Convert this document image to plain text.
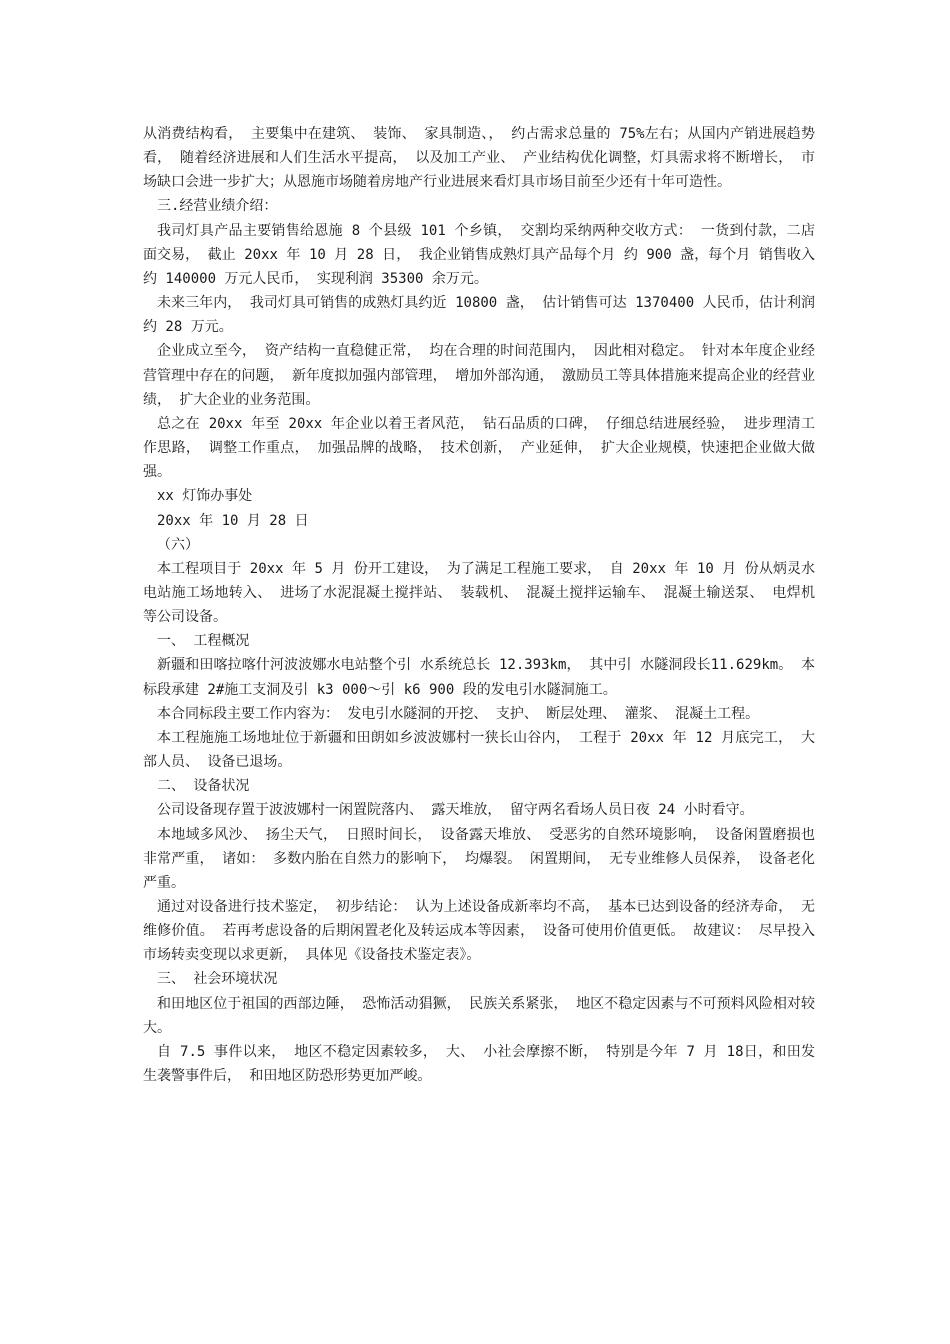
从消费结构看， 主要集中在建筑、 装饰、 家具制造、， 约占需求总量的 75%左右；从国内产销进展趋势看， 随着经济进展和人们生活水平提高， 以及加工产业、 产业结构优化调整，灯具需求将不断增长， 市场缺口会进一步扩大；从恩施市场随着房地产行业进展来看灯具市场目前至少还有十年可造性。

三.经营业绩介绍：

我司灯具产品主要销售给恩施 8 个县级 101 个乡镇， 交割均采纳两种交收方式： 一货到付款，二店面交易， 截止 20xx 年 10 月 28 日， 我企业销售成熟灯具产品每个月 约 900 盏，每个月 销售收入约 140000 万元人民币， 实现利润 35300 余万元。

未来三年内， 我司灯具可销售的成熟灯具约近 10800 盏， 估计销售可达 1370400 人民币，估计利润约 28 万元。

企业成立至今， 资产结构一直稳健正常， 均在合理的时间范围内， 因此相对稳定。 针对本年度企业经营管理中存在的问题， 新年度拟加强内部管理， 增加外部沟通， 激励员工等具体措施来提高企业的经营业绩， 扩大企业的业务范围。

总之在 20xx 年至 20xx 年企业以着王者风范， 钻石品质的口碑， 仔细总结进展经验， 进步理清工作思路， 调整工作重点， 加强品牌的战略， 技术创新， 产业延伸， 扩大企业规模，快速把企业做大做强。

xx 灯饰办事处

20xx 年 10 月 28 日

（六）

本工程项目于 20xx 年 5 月 份开工建设， 为了满足工程施工要求， 自 20xx 年 10 月 份从炳灵水电站施工场地转入、 进场了水泥混凝土搅拌站、 装载机、 混凝土搅拌运输车、 混凝土输送泵、 电焊机等公司设备。

一、 工程概况

新疆和田喀拉喀什河波波娜水电站整个引 水系统总长 12.393km， 其中引 水隧洞段长11.629km。 本标段承建 2#施工支洞及引 k3 000～引 k6 900 段的发电引水隧洞施工。

本合同标段主要工作内容为： 发电引水隧洞的开挖、 支护、 断层处理、 灌浆、 混凝土工程。

本工程施施工场地址位于新疆和田朗如乡波波娜村一狭长山谷内， 工程于 20xx 年 12 月底完工， 大部人员、 设备已退场。

二、 设备状况

公司设备现存置于波波娜村一闲置院落内、 露天堆放， 留守两名看场人员日夜 24 小时看守。

本地域多风沙、 扬尘天气， 日照时间长， 设备露天堆放、 受恶劣的自然环境影响， 设备闲置磨损也非常严重， 诸如： 多数内胎在自然力的影响下， 均爆裂。 闲置期间， 无专业维修人员保养， 设备老化严重。

通过对设备进行技术鉴定， 初步结论： 认为上述设备成新率均不高， 基本已达到设备的经济寿命， 无维修价值。 若再考虑设备的后期闲置老化及转运成本等因素， 设备可使用价值更低。 故建议： 尽早投入市场转卖变现以求更新， 具体见《设备技术鉴定表》。

三、 社会环境状况

和田地区位于祖国的西部边陲， 恐怖活动猖獗， 民族关系紧张， 地区不稳定因素与不可预料风险相对较大。

自 7.5 事件以来， 地区不稳定因素较多， 大、 小社会摩擦不断， 特别是今年 7 月 18日，和田发生袭警事件后， 和田地区防恐形势更加严峻。
